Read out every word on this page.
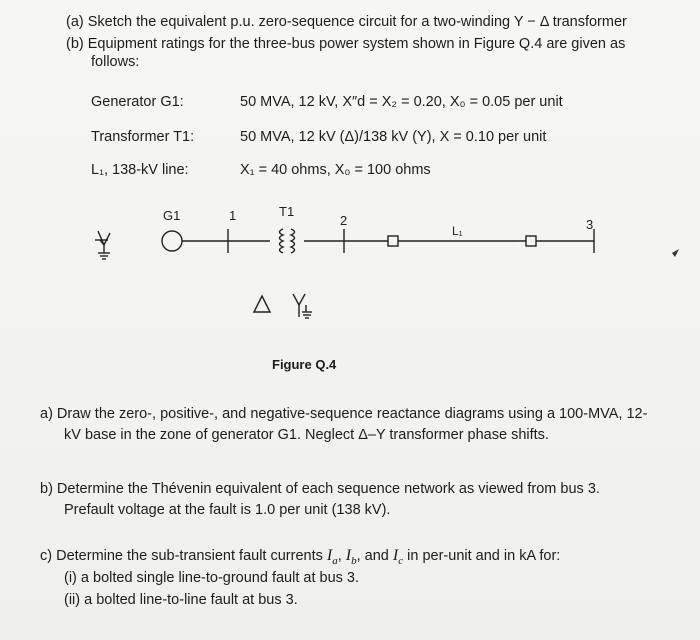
(a) Sketch the equivalent p.u. zero-sequence circuit for a two-winding Y − Δ transformer
(b) Equipment ratings for the three-bus power system shown in Figure Q.4 are given as
follows:
Generator G1:	50 MVA, 12 kV, X″d = X₂ = 0.20, X₀ = 0.05 per unit
Transformer T1:	50 MVA, 12 kV (Δ)/138 kV (Y), X = 0.10 per unit
L₁, 138-kV line:	X₁ = 40 ohms, X₀ = 100 ohms
G1	1	T1
2
L₁	3
Figure Q.4
a) Draw the zero-, positive-, and negative-sequence reactance diagrams using a 100-MVA, 12-
kV base in the zone of generator G1. Neglect Δ–Y transformer phase shifts.
b) Determine the Thévenin equivalent of each sequence network as viewed from bus 3.
Prefault voltage at the fault is 1.0 per unit (138 kV).
c) Determine the sub-transient fault currents $I_a$, $I_b$, and $I_c$ in per-unit and in kA for:
(i) a bolted single line-to-ground fault at bus 3.
(ii) a bolted line-to-line fault at bus 3.
